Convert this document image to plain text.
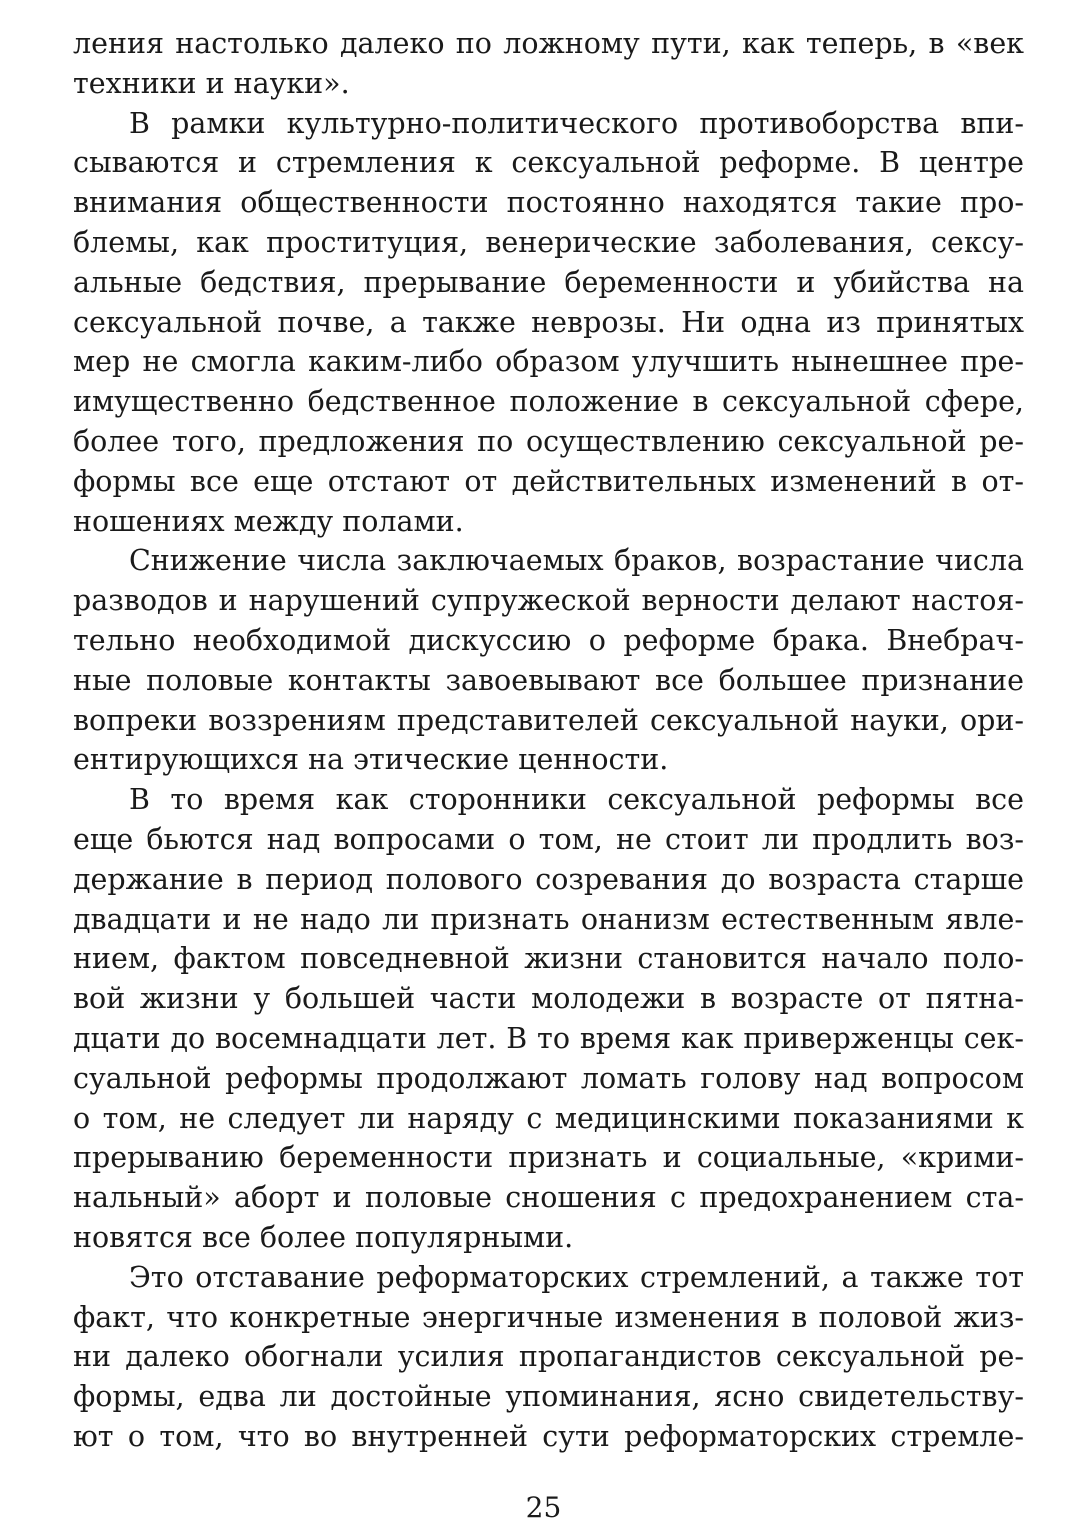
ления настолько далеко по ложному пути, как теперь, в «век
техники и науки».
В рамки культурно-политического противоборства впи-
сываются и стремления к сексуальной реформе. В центре
внимания общественности постоянно находятся такие про-
блемы, как проституция, венерические заболевания, сексу-
альные бедствия, прерывание беременности и убийства на
сексуальной почве, а также неврозы. Ни одна из принятых
мер не смогла каким-либо образом улучшить нынешнее пре-
имущественно бедственное положение в сексуальной сфере,
более того, предложения по осуществлению сексуальной ре-
формы все еще отстают от действительных изменений в от-
ношениях между полами.
Снижение числа заключаемых браков, возрастание числа
разводов и нарушений супружеской верности делают настоя-
тельно необходимой дискуссию о реформе брака. Внебрач-
ные половые контакты завоевывают все большее признание
вопреки воззрениям представителей сексуальной науки, ори-
ентирующихся на этические ценности.
В то время как сторонники сексуальной реформы все
еще бьются над вопросами о том, не стоит ли продлить воз-
держание в период полового созревания до возраста старше
двадцати и не надо ли признать онанизм естественным явле-
нием, фактом повседневной жизни становится начало поло-
вой жизни у большей части молодежи в возрасте от пятна-
дцати до восемнадцати лет. В то время как приверженцы сек-
суальной реформы продолжают ломать голову над вопросом
о том, не следует ли наряду с медицинскими показаниями к
прерыванию беременности признать и социальные, «крими-
нальный» аборт и половые сношения с предохранением ста-
новятся все более популярными.
Это отставание реформаторских стремлений, а также тот
факт, что конкретные энергичные изменения в половой жиз-
ни далеко обогнали усилия пропагандистов сексуальной ре-
формы, едва ли достойные упоминания, ясно свидетельству-
ют о том, что во внутренней сути реформаторских стремле-
25
